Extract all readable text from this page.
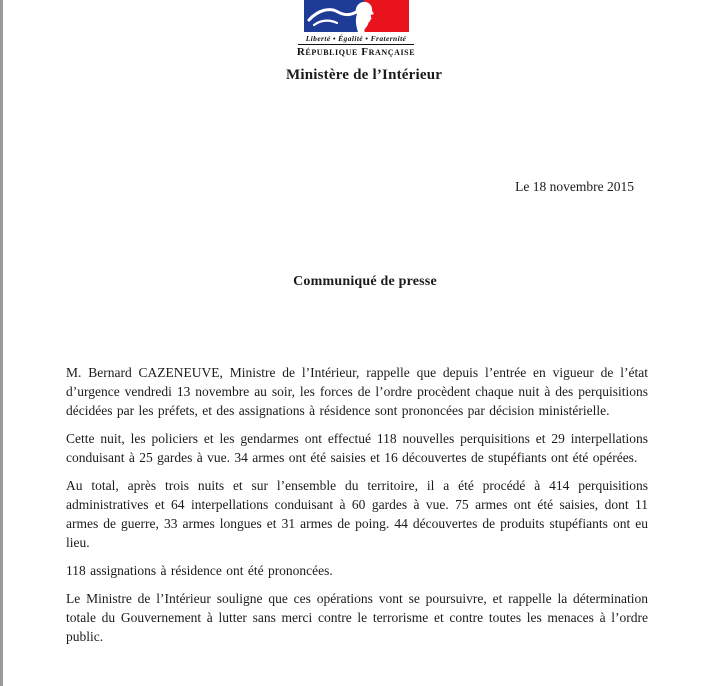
Liberté • Égalité • Fraternité
République Française
Ministère de l’Intérieur
Le 18 novembre 2015
Communiqué de presse

M. Bernard CAZENEUVE, Ministre de l’Intérieur, rappelle que depuis l’entrée en vigueur de l’état d’urgence vendredi 13 novembre au soir, les forces de l’ordre procèdent chaque nuit à des perquisitions décidées par les préfets, et des assignations à résidence sont prononcées par décision ministérielle.

Cette nuit, les policiers et les gendarmes ont effectué 118 nouvelles perquisitions et 29 interpellations conduisant à 25 gardes à vue. 34 armes ont été saisies et 16 découvertes de stupéfiants ont été opérées.

Au total, après trois nuits et sur l’ensemble du territoire, il a été procédé à 414 perquisitions administratives et 64 interpellations conduisant à 60 gardes à vue. 75 armes ont été saisies, dont 11 armes de guerre, 33 armes longues et 31 armes de poing. 44 découvertes de produits stupéfiants ont eu lieu.

118 assignations à résidence ont été prononcées.

Le Ministre de l’Intérieur souligne que ces opérations vont se poursuivre, et rappelle la détermination totale du Gouvernement à lutter sans merci contre le terrorisme et contre toutes les menaces à l’ordre public.
